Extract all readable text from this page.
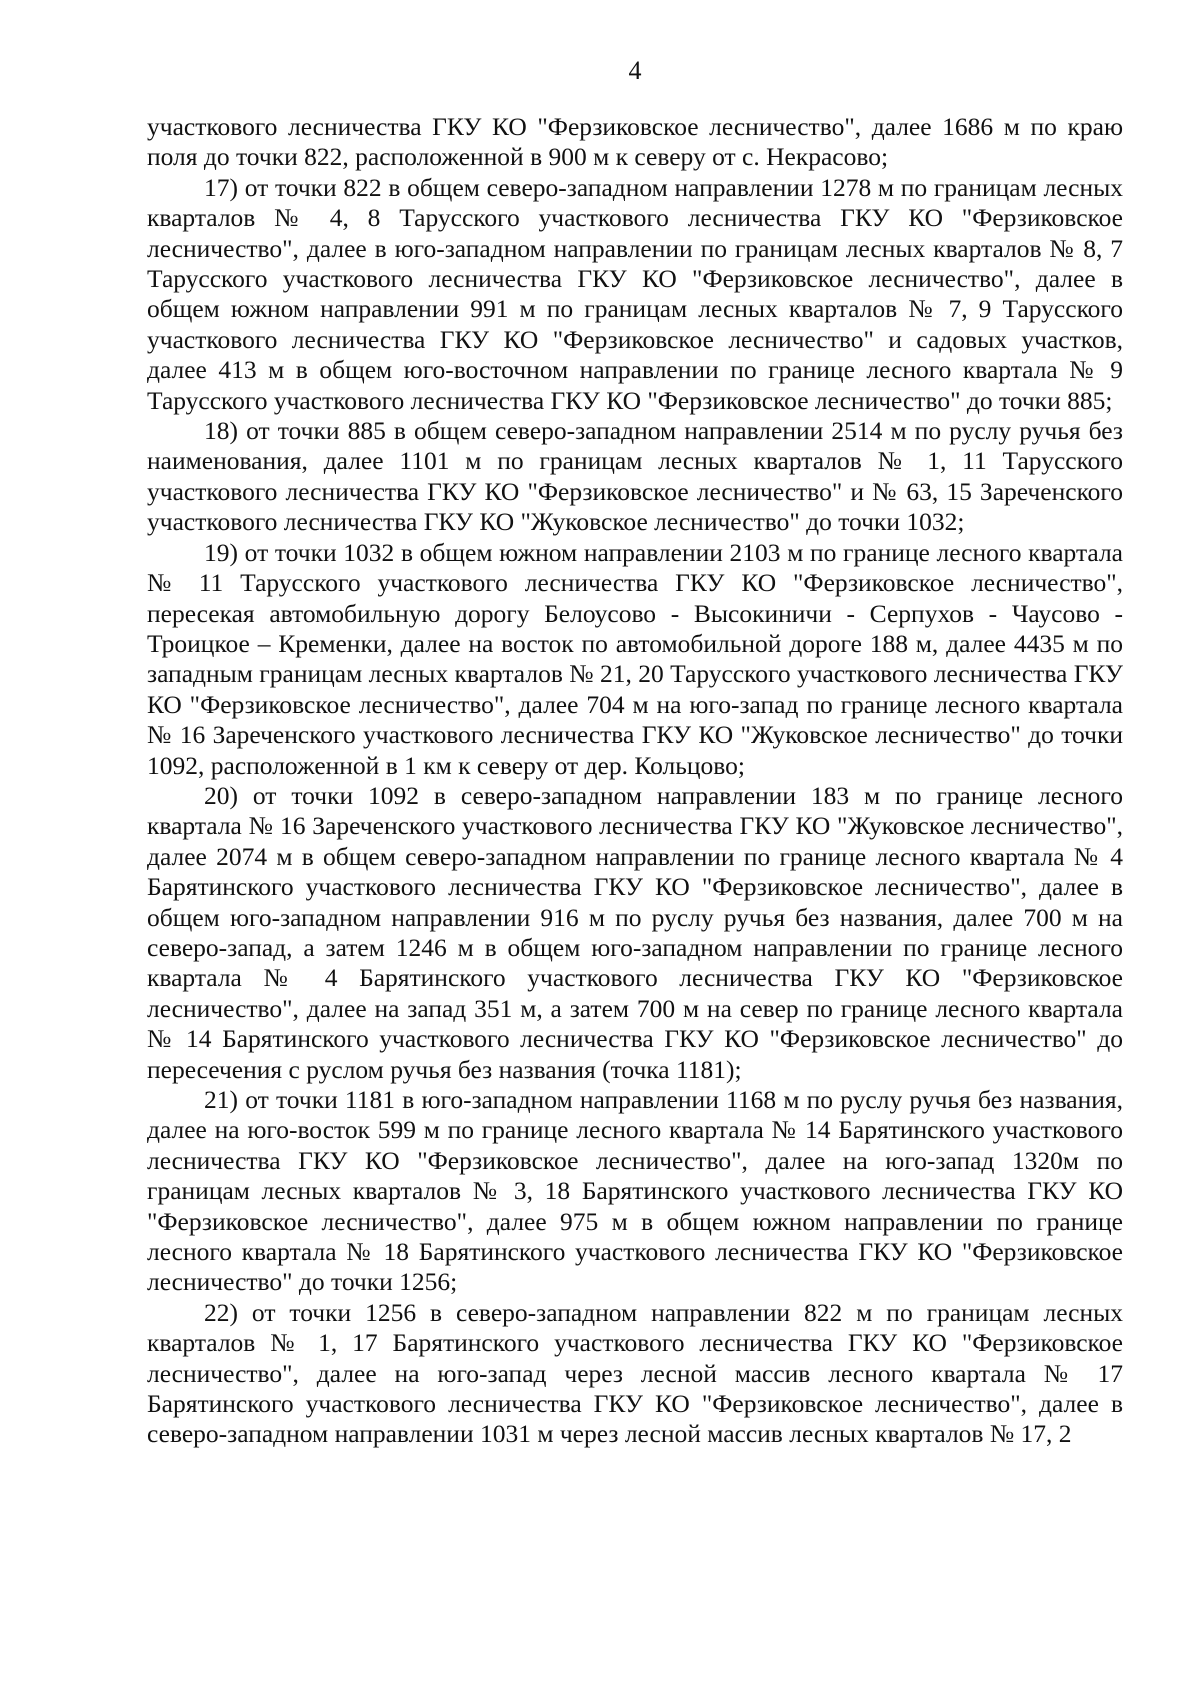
4

участкового лесничества ГКУ КО "Ферзиковское лесничество", далее 1686 м по краю поля до точки 822, расположенной в 900 м к северу от с. Некрасово;

17) от точки 822 в общем северо-западном направлении 1278 м по границам лесных кварталов № 4, 8 Тарусского участкового лесничества ГКУ КО "Ферзиковское лесничество", далее в юго-западном направлении по границам лесных кварталов № 8, 7 Тарусского участкового лесничества ГКУ КО "Ферзиковское лесничество", далее в общем южном направлении 991 м по границам лесных кварталов № 7, 9 Тарусского участкового лесничества ГКУ КО "Ферзиковское лесничество" и садовых участков, далее 413 м в общем юго-восточном направлении по границе лесного квартала № 9 Тарусского участкового лесничества ГКУ КО "Ферзиковское лесничество" до точки 885;

18) от точки 885 в общем северо-западном направлении 2514 м по руслу ручья без наименования, далее 1101 м по границам лесных кварталов № 1, 11 Тарусского участкового лесничества ГКУ КО "Ферзиковское лесничество" и № 63, 15 Зареченского участкового лесничества ГКУ КО "Жуковское лесничество" до точки 1032;

19) от точки 1032 в общем южном направлении 2103 м по границе лесного квартала № 11 Тарусского участкового лесничества ГКУ КО "Ферзиковское лесничество", пересекая автомобильную дорогу Белоусово - Высокиничи - Серпухов - Чаусово - Троицкое – Кременки, далее на восток по автомобильной дороге 188 м, далее 4435 м по западным границам лесных кварталов № 21, 20 Тарусского участкового лесничества ГКУ КО "Ферзиковское лесничество", далее 704 м на юго-запад по границе лесного квартала № 16 Зареченского участкового лесничества ГКУ КО "Жуковское лесничество" до точки 1092, расположенной в 1 км к северу от дер. Кольцово;

20) от точки 1092 в северо-западном направлении 183 м по границе лесного квартала № 16 Зареченского участкового лесничества ГКУ КО "Жуковское лесничество", далее 2074 м в общем северо-западном направлении по границе лесного квартала № 4 Барятинского участкового лесничества ГКУ КО "Ферзиковское лесничество", далее в общем юго-западном направлении 916 м по руслу ручья без названия, далее 700 м на северо-запад, а затем 1246 м в общем юго-западном направлении по границе лесного квартала № 4 Барятинского участкового лесничества ГКУ КО "Ферзиковское лесничество", далее на запад 351 м, а затем 700 м на север по границе лесного квартала № 14 Барятинского участкового лесничества ГКУ КО "Ферзиковское лесничество" до пересечения с руслом ручья без названия (точка 1181);

21) от точки 1181 в юго-западном направлении 1168 м по руслу ручья без названия, далее на юго-восток 599 м по границе лесного квартала № 14 Барятинского участкового лесничества ГКУ КО "Ферзиковское лесничество", далее на юго-запад 1320м по границам лесных кварталов № 3, 18 Барятинского участкового лесничества ГКУ КО "Ферзиковское лесничество", далее 975 м в общем южном направлении по границе лесного квартала № 18 Барятинского участкового лесничества ГКУ КО "Ферзиковское лесничество" до точки 1256;

22) от точки 1256 в северо-западном направлении 822 м по границам лесных кварталов № 1, 17 Барятинского участкового лесничества ГКУ КО "Ферзиковское лесничество", далее на юго-запад через лесной массив лесного квартала № 17 Барятинского участкового лесничества ГКУ КО "Ферзиковское лесничество", далее в северо-западном направлении 1031 м через лесной массив лесных кварталов № 17, 2
